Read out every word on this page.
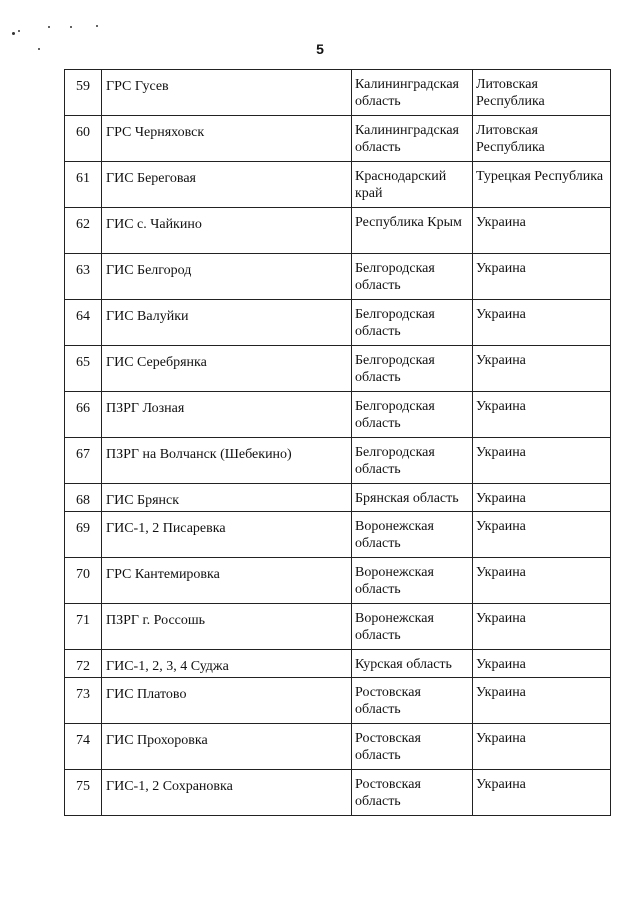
5
59	ГРС Гусев	Калининградская область	Литовская Республика
60	ГРС Черняховск	Калининградская область	Литовская Республика
61	ГИС Береговая	Краснодарский край	Турецкая Республика
62	ГИС с. Чайкино	Республика Крым	Украина
63	ГИС Белгород	Белгородская область	Украина
64	ГИС Валуйки	Белгородская область	Украина
65	ГИС Серебрянка	Белгородская область	Украина
66	ПЗРГ Лозная	Белгородская область	Украина
67	ПЗРГ на Волчанск (Шебекино)	Белгородская область	Украина
68	ГИС Брянск	Брянская область	Украина
69	ГИС-1, 2 Писаревка	Воронежская область	Украина
70	ГРС Кантемировка	Воронежская область	Украина
71	ПЗРГ г. Россошь	Воронежская область	Украина
72	ГИС-1, 2, 3, 4 Суджа	Курская область	Украина
73	ГИС Платово	Ростовская область	Украина
74	ГИС Прохоровка	Ростовская область	Украина
75	ГИС-1, 2 Сохрановка	Ростовская область	Украина
